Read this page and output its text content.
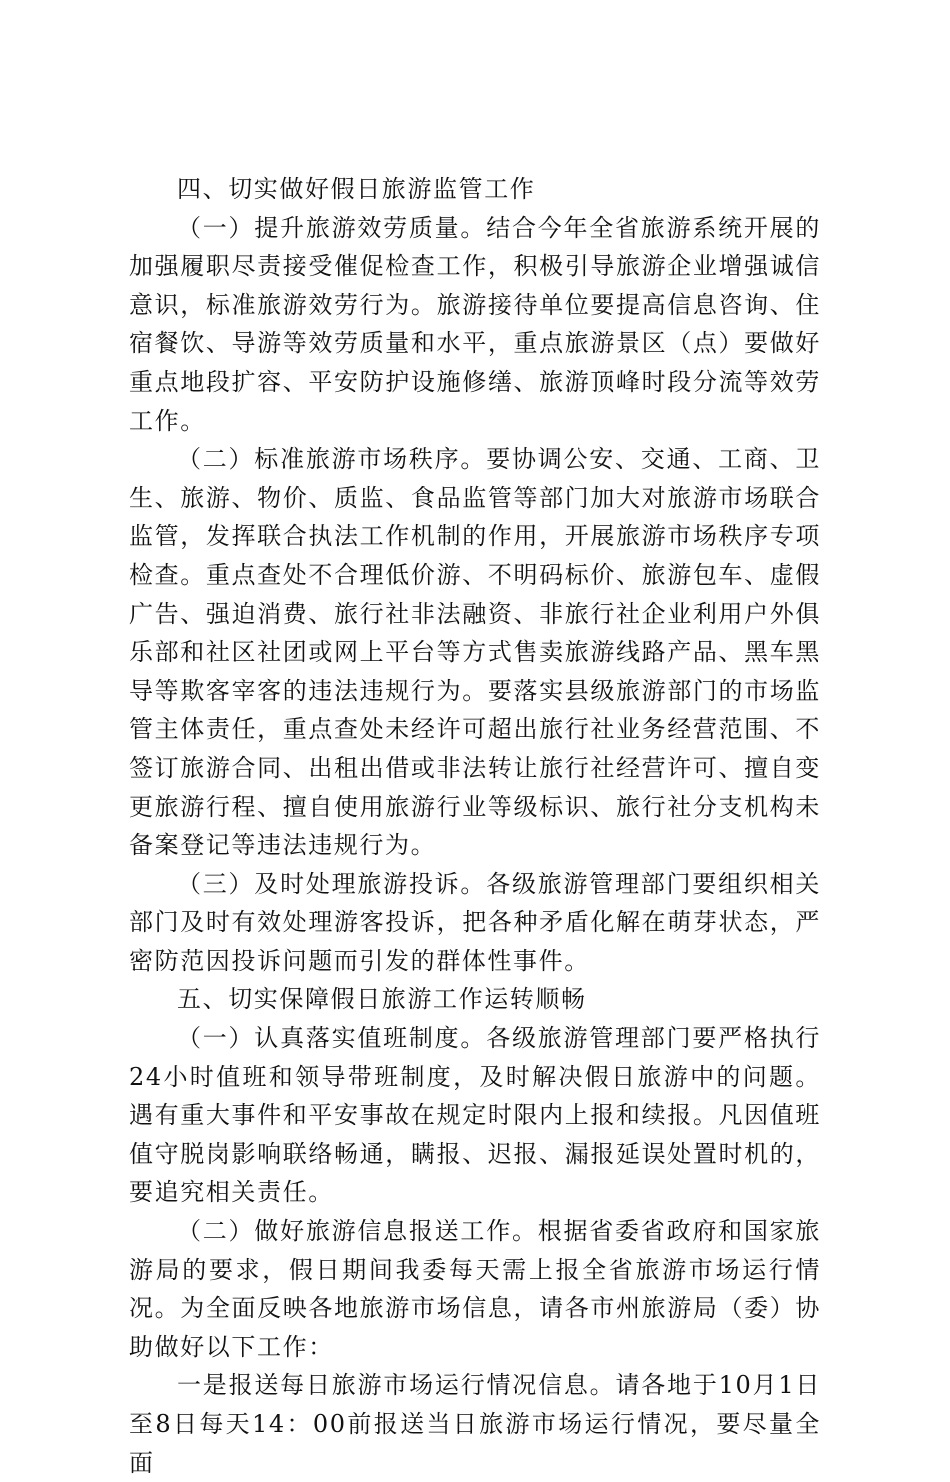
四、切实做好假日旅游监管工作

（一）提升旅游效劳质量。结合今年全省旅游系统开展的加强履职尽责接受催促检查工作，积极引导旅游企业增强诚信意识，标准旅游效劳行为。旅游接待单位要提高信息咨询、住宿餐饮、导游等效劳质量和水平，重点旅游景区（点）要做好重点地段扩容、平安防护设施修缮、旅游顶峰时段分流等效劳工作。

（二）标准旅游市场秩序。要协调公安、交通、工商、卫生、旅游、物价、质监、食品监管等部门加大对旅游市场联合监管，发挥联合执法工作机制的作用，开展旅游市场秩序专项检查。重点查处不合理低价游、不明码标价、旅游包车、虚假广告、强迫消费、旅行社非法融资、非旅行社企业利用户外俱乐部和社区社团或网上平台等方式售卖旅游线路产品、黑车黑导等欺客宰客的违法违规行为。要落实县级旅游部门的市场监管主体责任，重点查处未经许可超出旅行社业务经营范围、不签订旅游合同、出租出借或非法转让旅行社经营许可、擅自变更旅游行程、擅自使用旅游行业等级标识、旅行社分支机构未备案登记等违法违规行为。

（三）及时处理旅游投诉。各级旅游管理部门要组织相关部门及时有效处理游客投诉，把各种矛盾化解在萌芽状态，严密防范因投诉问题而引发的群体性事件。

五、切实保障假日旅游工作运转顺畅

（一）认真落实值班制度。各级旅游管理部门要严格执行24小时值班和领导带班制度，及时解决假日旅游中的问题。遇有重大事件和平安事故在规定时限内上报和续报。凡因值班值守脱岗影响联络畅通，瞒报、迟报、漏报延误处置时机的，要追究相关责任。

（二）做好旅游信息报送工作。根据省委省政府和国家旅游局的要求，假日期间我委每天需上报全省旅游市场运行情况。为全面反映各地旅游市场信息，请各市州旅游局（委）协助做好以下工作：

一是报送每日旅游市场运行情况信息。请各地于10月1日至8日每天14：00前报送当日旅游市场运行情况，要尽量全面
